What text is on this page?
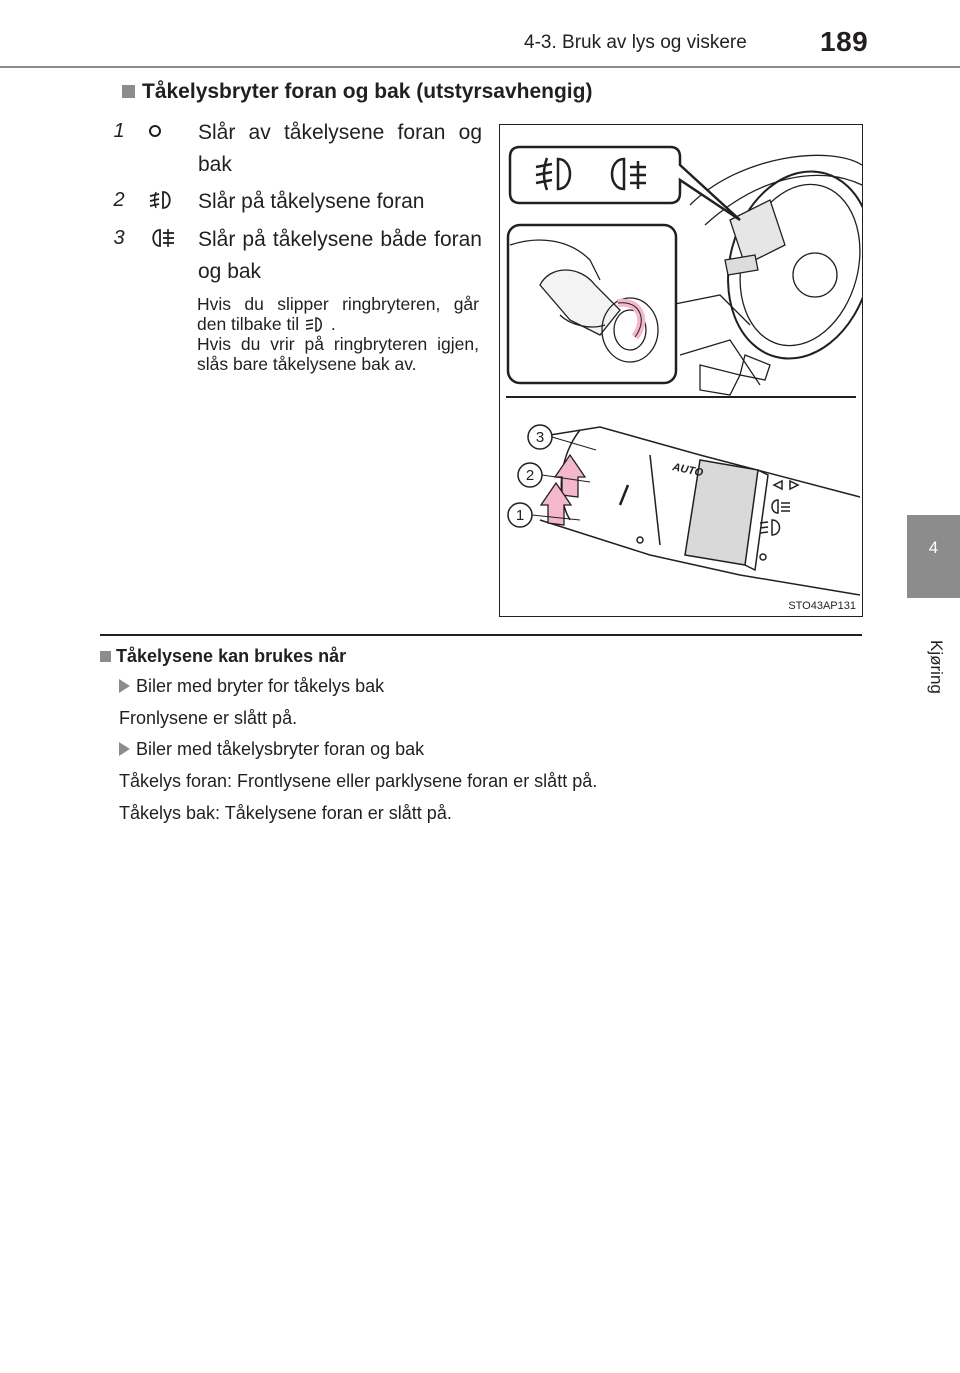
4-3. Bruk av lys og viskere	189
4
Kjøring
Tåkelysbryter foran og bak (utstyrsavhengig)
1	Slår av tåkelysene foran og bak
2	Slår på tåkelysene foran
3	Slår på tåkelysene både foran og bak
Hvis du slipper ringbryteren, går den tilbake til .
Hvis du vrir på ringbryteren igjen, slås bare tåkelysene bak av.
AUTO
3
2
1
STO43AP131
Tåkelysene kan brukes når
Biler med bryter for tåkelys bak
Fronlysene er slått på.
Biler med tåkelysbryter foran og bak
Tåkelys foran: Frontlysene eller parklysene foran er slått på.
Tåkelys bak: Tåkelysene foran er slått på.
